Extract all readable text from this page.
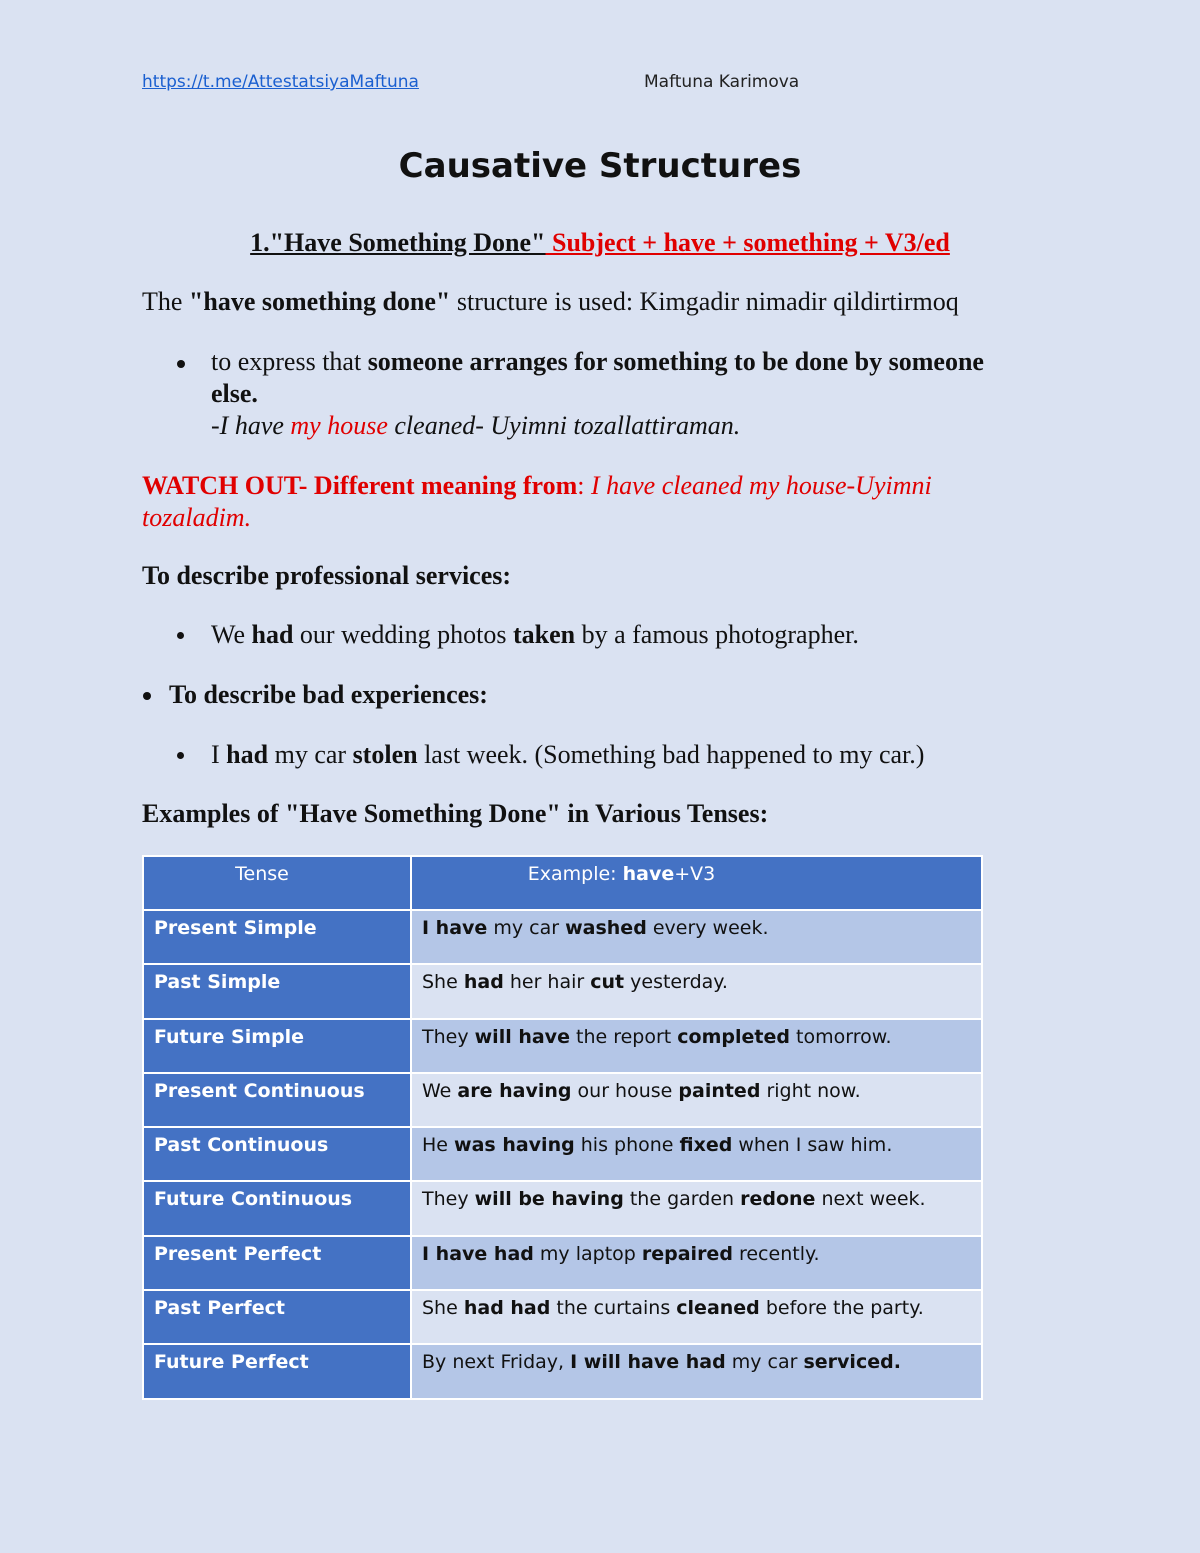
https://t.me/AttestatsiyaMaftuna	Maftuna Karimova
Causative Structures
1."Have Something Done" Subject + have + something + V3/ed
The "have something done" structure is used: Kimgadir nimadir qildirtirmoq
to express that someone arranges for something to be done by someone
else.
-I have my house cleaned- Uyimni tozallattiraman.
WATCH OUT- Different meaning from: I have cleaned my house-Uyimni
tozaladim.
To describe professional services:
We had our wedding photos taken by a famous photographer.
To describe bad experiences:
I had my car stolen last week. (Something bad happened to my car.)
Examples of "Have Something Done" in Various Tenses:
Tense	Example: have+V3
Present Simple	I have my car washed every week.
Past Simple	She had her hair cut yesterday.
Future Simple	They will have the report completed tomorrow.
Present Continuous	We are having our house painted right now.
Past Continuous	He was having his phone fixed when I saw him.
Future Continuous	They will be having the garden redone next week.
Present Perfect	I have had my laptop repaired recently.
Past Perfect	She had had the curtains cleaned before the party.
Future Perfect	By next Friday, I will have had my car serviced.
